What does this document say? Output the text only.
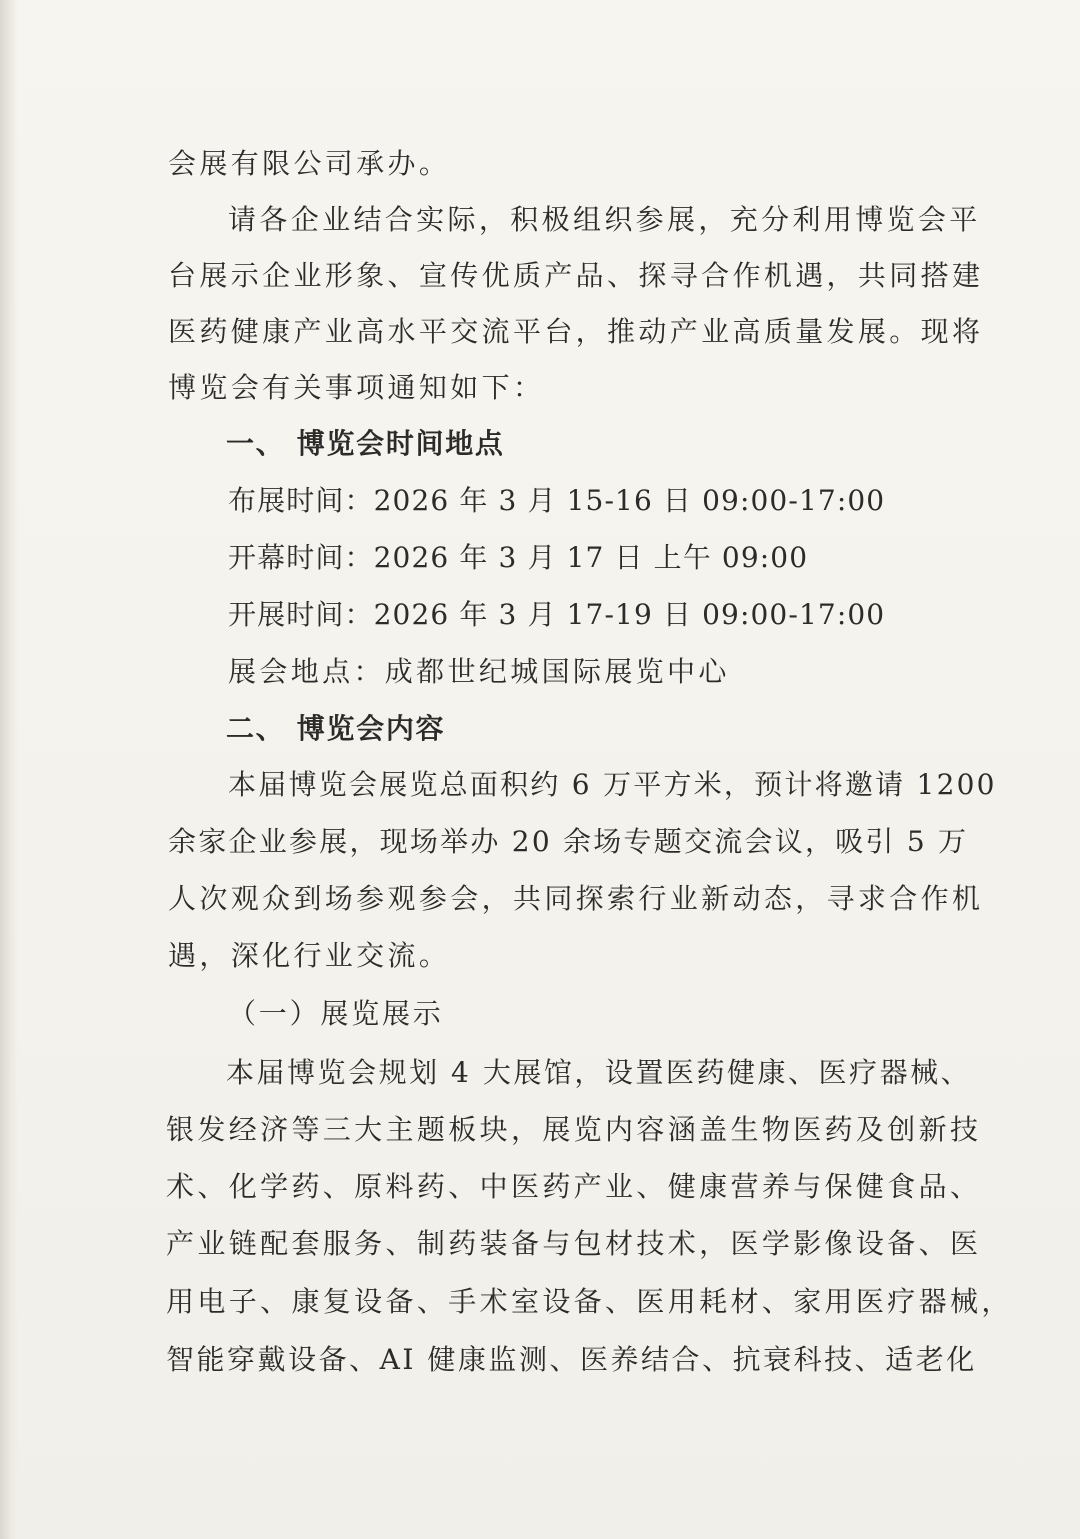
会展有限公司承办。
请各企业结合实际，积极组织参展，充分利用博览会平
台展示企业形象、宣传优质产品、探寻合作机遇，共同搭建
医药健康产业高水平交流平台，推动产业高质量发展。现将
博览会有关事项通知如下：
一、 博览会时间地点
布展时间：2026 年 3 月 15-16 日 09:00-17:00
开幕时间：2026 年 3 月 17 日 上午 09:00
开展时间：2026 年 3 月 17-19 日 09:00-17:00
展会地点：成都世纪城国际展览中心
二、 博览会内容
本届博览会展览总面积约 6 万平方米，预计将邀请 1200
余家企业参展，现场举办 20 余场专题交流会议，吸引 5 万
人次观众到场参观参会，共同探索行业新动态，寻求合作机
遇，深化行业交流。
（一）展览展示
本届博览会规划 4 大展馆，设置医药健康、医疗器械、
银发经济等三大主题板块，展览内容涵盖生物医药及创新技
术、化学药、原料药、中医药产业、健康营养与保健食品、
产业链配套服务、制药装备与包材技术，医学影像设备、医
用电子、康复设备、手术室设备、医用耗材、家用医疗器械，
智能穿戴设备、AI 健康监测、医养结合、抗衰科技、适老化
